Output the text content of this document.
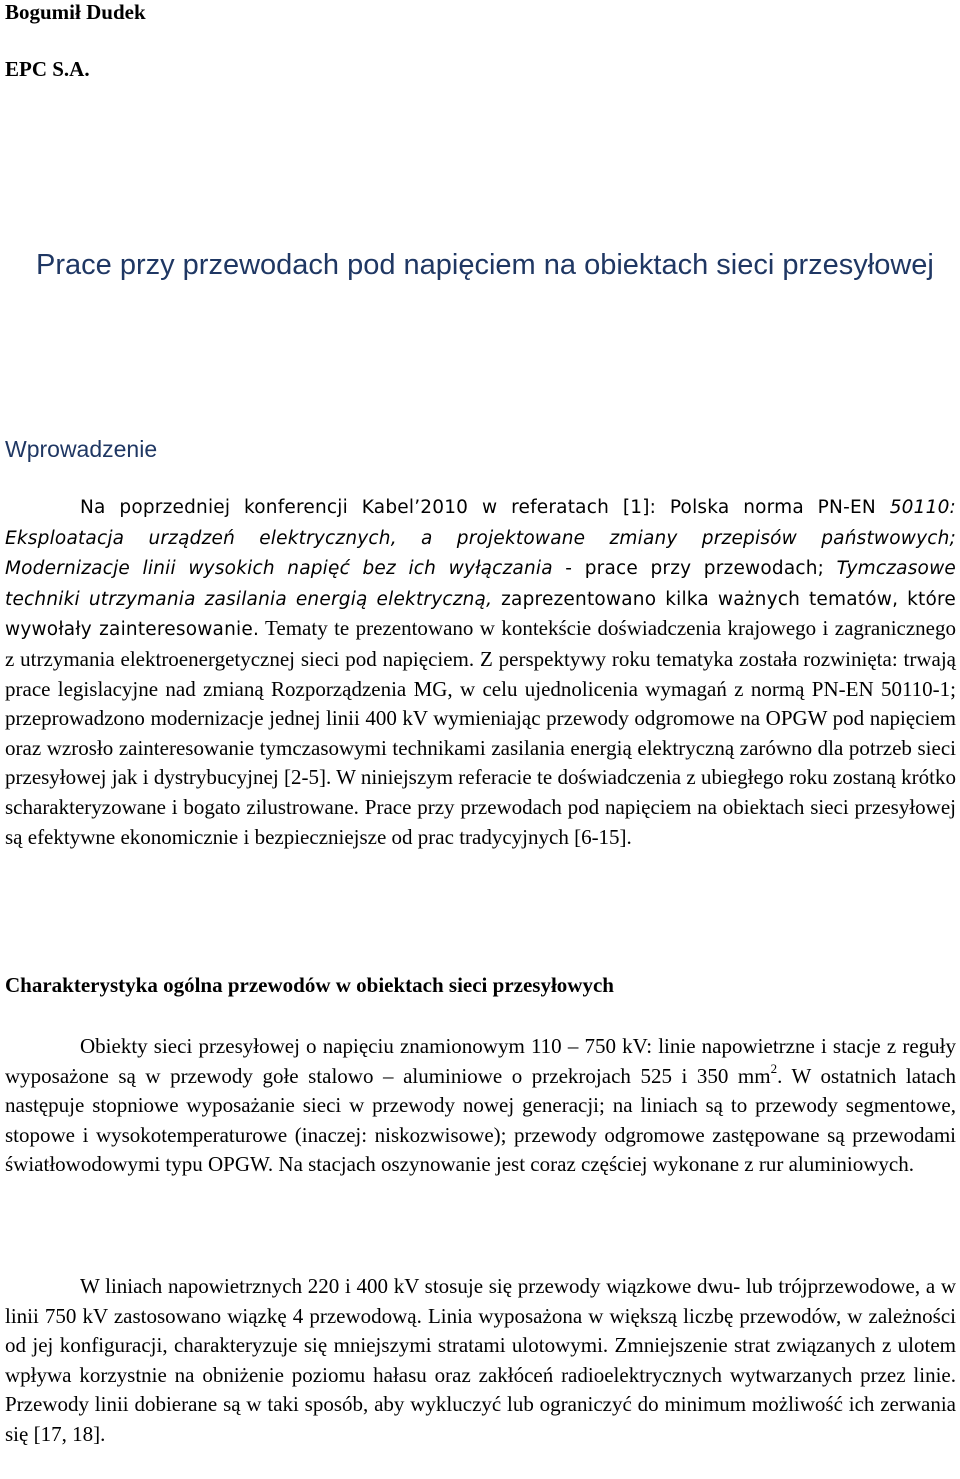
Bogumił Dudek
EPC S.A.
Prace przy przewodach pod napięciem na obiektach sieci przesyłowej
Wprowadzenie
Na poprzedniej konferencji Kabel’2010 w referatach [1]: Polska norma PN-EN 50110: Eksploatacja urządzeń elektrycznych, a projektowane zmiany przepisów państwowych; Modernizacje linii wysokich napięć bez ich wyłączania - prace przy przewodach; Tymczasowe techniki utrzymania zasilania energią elektryczną, zaprezentowano kilka ważnych tematów, które wywołały zainteresowanie. Tematy te prezentowano w kontekście doświadczenia krajowego i zagranicznego z utrzymania elektroenergetycznej sieci pod napięciem. Z perspektywy roku tematyka została rozwinięta: trwają prace legislacyjne nad zmianą Rozporządzenia MG, w celu ujednolicenia wymagań z normą PN-EN 50110-1; przeprowadzono modernizacje jednej linii 400 kV wymieniając przewody odgromowe na OPGW pod napięciem oraz wzrosło zainteresowanie tymczasowymi technikami zasilania energią elektryczną zarówno dla potrzeb sieci przesyłowej jak i dystrybucyjnej [2-5]. W niniejszym referacie te doświadczenia z ubiegłego roku zostaną krótko scharakteryzowane i bogato zilustrowane. Prace przy przewodach pod napięciem na obiektach sieci przesyłowej są efektywne ekonomicznie i bezpieczniejsze od prac tradycyjnych [6-15].
Charakterystyka ogólna przewodów w obiektach sieci przesyłowych
Obiekty sieci przesyłowej o napięciu znamionowym 110 – 750 kV: linie napowietrzne i stacje z reguły wyposażone są w przewody gołe stalowo – aluminiowe o przekrojach 525 i 350 $mm^2$. W ostatnich latach następuje stopniowe wyposażanie sieci w przewody nowej generacji; na liniach są to przewody segmentowe, stopowe i wysokotemperaturowe (inaczej: niskozwisowe); przewody odgromowe zastępowane są przewodami światłowodowymi typu OPGW. Na stacjach oszynowanie jest coraz częściej wykonane z rur aluminiowych.
W liniach napowietrznych 220 i 400 kV stosuje się przewody wiązkowe dwu- lub trójprzewodowe, a w linii 750 kV zastosowano wiązkę 4 przewodową. Linia wyposażona w większą liczbę przewodów, w zależności od jej konfiguracji, charakteryzuje się mniejszymi stratami ulotowymi. Zmniejszenie strat związanych z ulotem wpływa korzystnie na obniżenie poziomu hałasu oraz zakłóceń radioelektrycznych wytwarzanych przez linie. Przewody linii dobierane są w taki sposób, aby wykluczyć lub ograniczyć do minimum możliwość ich zerwania się [17, 18].
